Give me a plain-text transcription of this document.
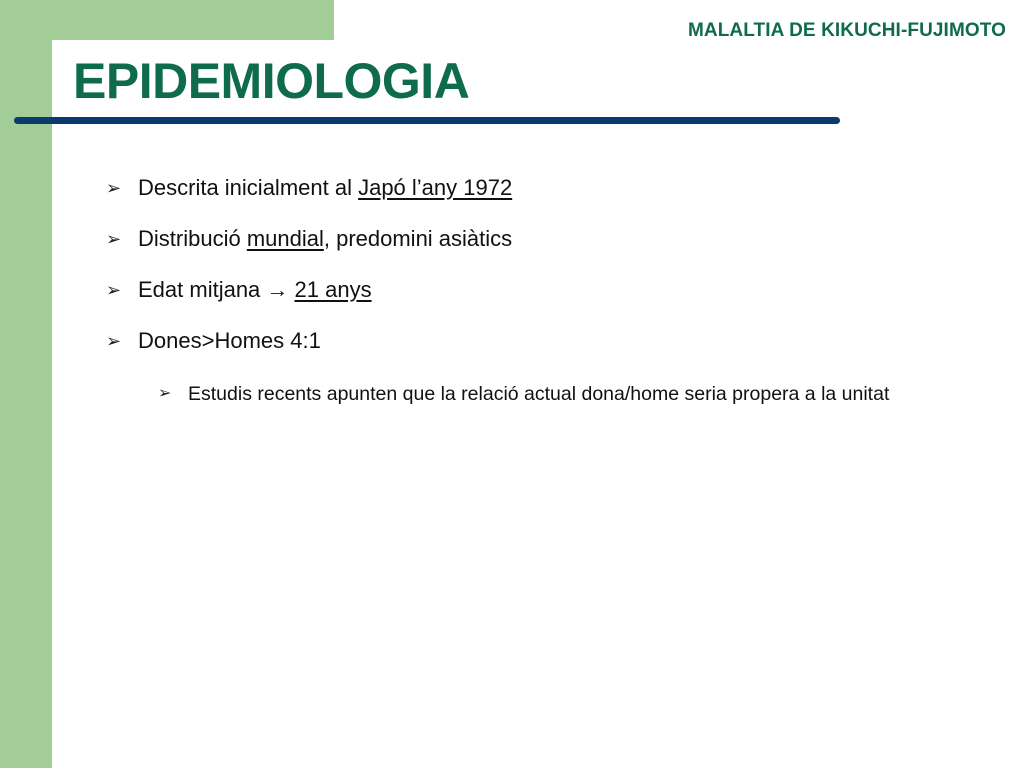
MALALTIA DE KIKUCHI-FUJIMOTO
EPIDEMIOLOGIA
➢ Descrita inicialment al Japó l’any 1972
➢ Distribució mundial, predomini asiàtics
➢ Edat mitjana → 21 anys
➢ Dones>Homes 4:1
➢ Estudis recents apunten que la relació actual dona/home seria propera a la unitat
